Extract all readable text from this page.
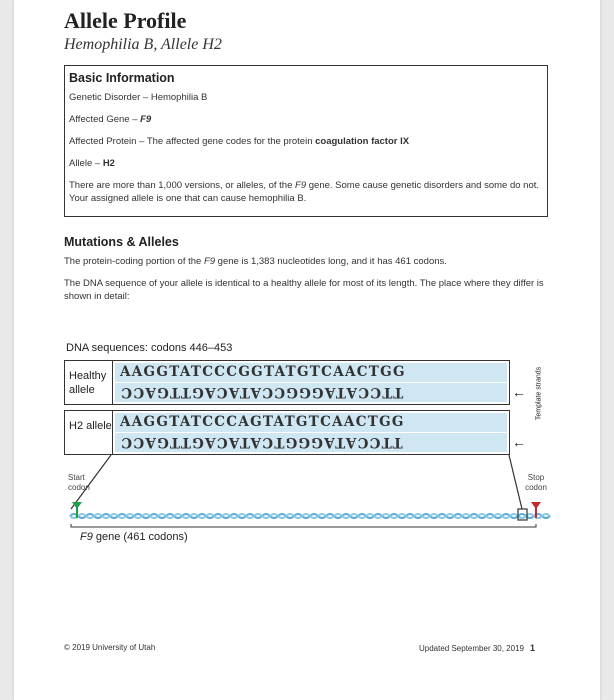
Allele Profile
Hemophilia B, Allele H2
Basic Information
Genetic Disorder – Hemophilia B
Affected Gene – F9
Affected Protein – The affected gene codes for the protein coagulation factor IX
Allele – H2
There are more than 1,000 versions, or alleles, of the F9 gene. Some cause genetic disorders and some do not. Your assigned allele is one that can cause hemophilia B.
Mutations & Alleles
The protein-coding portion of the F9 gene is 1,383 nucleotides long, and it has 461 codons.
The DNA sequence of your allele is identical to a healthy allele for most of its length. The place where they differ is shown in detail:
DNA sequences: codons 446–453
Healthy allele
AAGGTATCCCGGTATGTCAACTGG
TTCCATAGGGCCATACAGTTGACC	←
H2 allele AAGGTATCCCAGTATGTCAACTGG
TTCCATAGGGTCATACAGTTGACC	←
Template strands
Start codon
Stop codon
F9 gene (461 codons)
© 2019 University of Utah	Updated September 30, 2019 1
